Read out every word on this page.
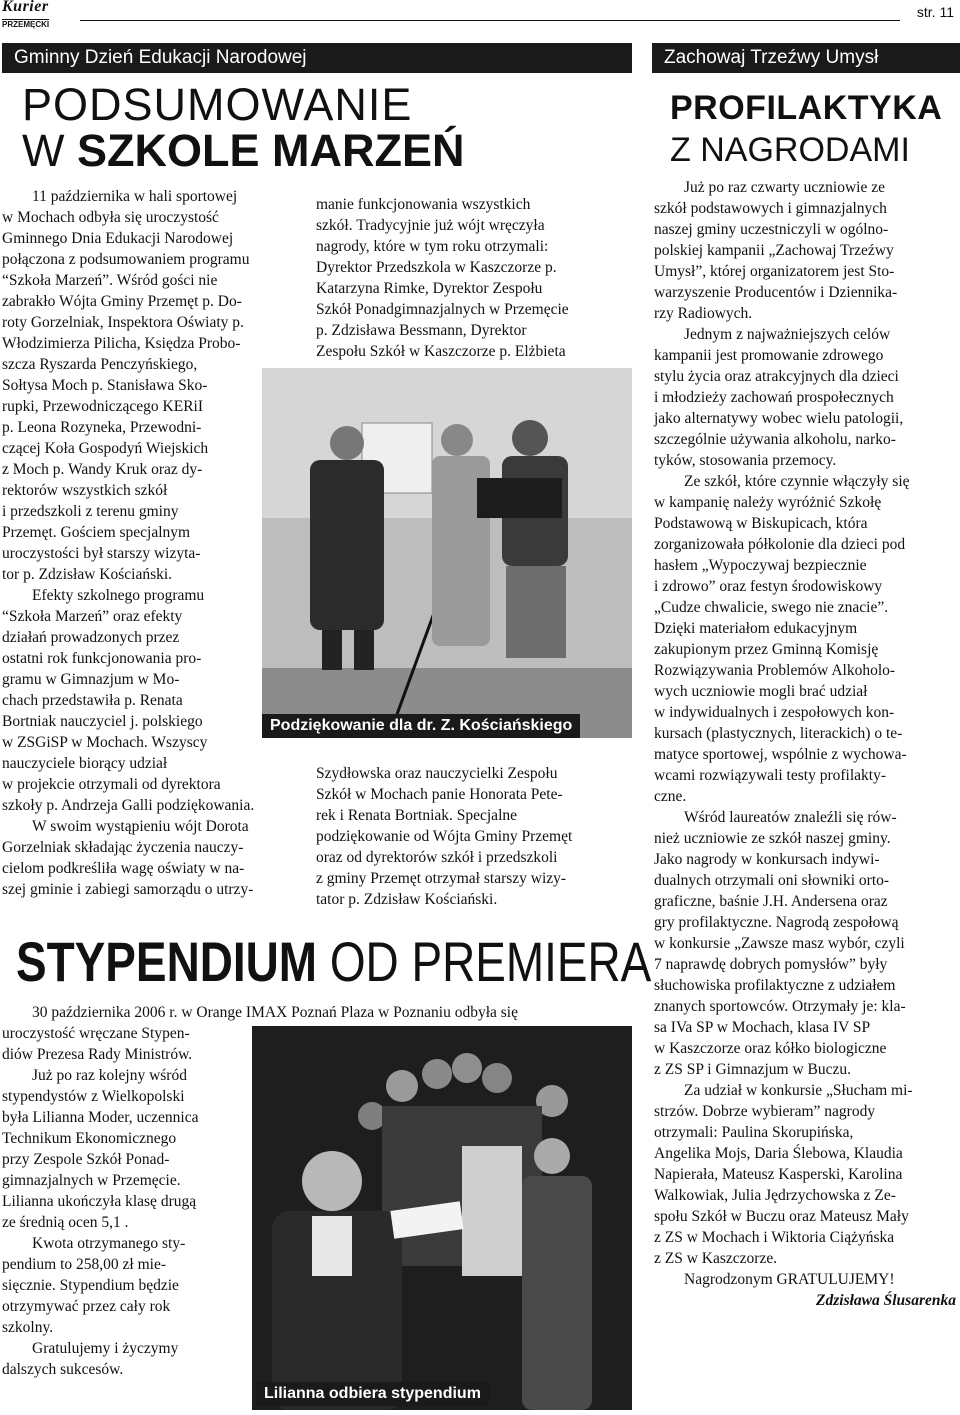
Kurier
PRZEMĘCKI
str. 11
Gminny Dzień Edukacji Narodowej
PODSUMOWANIE
W SZKOLE MARZEŃ

11 października w hali sportowej

w Mochach odbyła się uroczystość

Gminnego Dnia Edukacji Narodowej

połączona z podsumowaniem programu

“Szkoła Marzeń”. Wśród gości nie

zabrakło Wójta Gminy Przemęt p. Do-

roty Gorzelniak, Inspektora Oświaty p.

Włodzimierza Pilicha, Księdza Probo-

szcza Ryszarda Penczyńskiego,

Sołtysa Moch p. Stanisława Sko-

rupki, Przewodniczącego KERiI

p. Leona Rozyneka, Przewodni-

czącej Koła Gospodyń Wiejskich

z Moch p. Wandy Kruk oraz dy-

rektorów wszystkich szkół

i przedszkoli z terenu gminy

Przemęt. Gościem specjalnym

uroczystości był starszy wizyta-

tor p. Zdzisław Kościański.

Efekty szkolnego programu

“Szkoła Marzeń” oraz efekty

działań prowadzonych przez

ostatni rok funkcjonowania pro-

gramu w Gimnazjum w Mo-

chach przedstawiła p. Renata

Bortniak nauczyciel j. polskiego

w ZSGiSP w Mochach. Wszyscy

nauczyciele biorący udział

w projekcie otrzymali od dyrektora

szkoły p. Andrzeja Galli podziękowania.

W swoim wystąpieniu wójt Dorota

Gorzelniak składając życzenia nauczy-

cielom podkreśliła wagę oświaty w na-

szej gminie i zabiegi samorządu o utrzy-

manie funkcjonowania wszystkich

szkół. Tradycyjnie już wójt wręczyła

nagrody, które w tym roku otrzymali:

Dyrektor Przedszkola w Kaszczorze p.

Katarzyna Rimke, Dyrektor Zespołu

Szkół Ponadgimnazjalnych w Przemęcie

p. Zdzisława Bessmann, Dyrektor

Zespołu Szkół w Kaszczorze p. Elżbieta

Podziękowanie dla dr. Z. Kościańskiego

Szydłowska oraz nauczycielki Zespołu

Szkół w Mochach panie Honorata Pete-

rek i Renata Bortniak. Specjalne

podziękowanie od Wójta Gminy Przemęt

oraz od dyrektorów szkół i przedszkoli

z gminy Przemęt otrzymał starszy wizy-

tator p. Zdzisław Kościański.

STYPENDIUM OD PREMIERA
30 października 2006 r. w Orange IMAX Poznań Plaza w Poznaniu odbyła się

uroczystość wręczane Stypen-

diów Prezesa Rady Ministrów.

Już po raz kolejny wśród

stypendystów z Wielkopolski

była Lilianna Moder, uczennica

Technikum Ekonomicznego

przy Zespole Szkół Ponad-

gimnazjalnych w Przemęcie.

Lilianna ukończyła klasę drugą

ze średnią ocen 5,1 .

Kwota otrzymanego sty-

pendium to 258,00 zł mie-

sięcznie. Stypendium będzie

otrzymywać przez cały rok

szkolny.

Gratulujemy i życzymy

dalszych sukcesów.

Lilianna odbiera stypendium
Zachowaj Trzeźwy Umysł
PROFILAKTYKA
Z NAGRODAMI

Już po raz czwarty uczniowie ze

szkół podstawowych i gimnazjalnych

naszej gminy uczestniczyli w ogólno-

polskiej kampanii „Zachowaj Trzeźwy

Umysł”, której organizatorem jest Sto-

warzyszenie Producentów i Dziennika-

rzy Radiowych.

Jednym z najważniejszych celów

kampanii jest promowanie zdrowego

stylu życia oraz atrakcyjnych dla dzieci

i młodzieży zachowań prospołecznych

jako alternatywy wobec wielu patologii,

szczególnie używania alkoholu, narko-

tyków, stosowania przemocy.

Ze szkół, które czynnie włączyły się

w kampanię należy wyróżnić Szkołę

Podstawową w Biskupicach, która

zorganizowała półkolonie dla dzieci pod

hasłem „Wypoczywaj bezpiecznie

i zdrowo” oraz festyn środowiskowy

„Cudze chwalicie, swego nie znacie”.

Dzięki materiałom edukacyjnym

zakupionym przez Gminną Komisję

Rozwiązywania Problemów Alkoholo-

wych uczniowie mogli brać udział

w indywidualnych i zespołowych kon-

kursach (plastycznych, literackich) o te-

matyce sportowej, wspólnie z wychowa-

wcami rozwiązywali testy profilakty-

czne.

Wśród laureatów znaleźli się rów-

nież uczniowie ze szkół naszej gminy.

Jako nagrody w konkursach indywi-

dualnych otrzymali oni słowniki orto-

graficzne, baśnie J.H. Andersena oraz

gry profilaktyczne. Nagrodą zespołową

w konkursie „Zawsze masz wybór, czyli

7 naprawdę dobrych pomysłów” były

słuchowiska profilaktyczne z udziałem

znanych sportowców. Otrzymały je: kla-

sa IVa SP w Mochach, klasa IV SP

w Kaszczorze oraz kółko biologiczne

z ZS SP i Gimnazjum w Buczu.

Za udział w konkursie „Słucham mi-

strzów. Dobrze wybieram” nagrody

otrzymali: Paulina Skorupińska,

Angelika Mojs, Daria Ślebowa, Klaudia

Napierała, Mateusz Kasperski, Karolina

Walkowiak, Julia Jędrzychowska z Ze-

społu Szkół w Buczu oraz Mateusz Mały

z ZS w Mochach i Wiktoria Ciążyńska

z ZS w Kaszczorze.

Nagrodzonym GRATULUJEMY!

Zdzisława Ślusarenka
